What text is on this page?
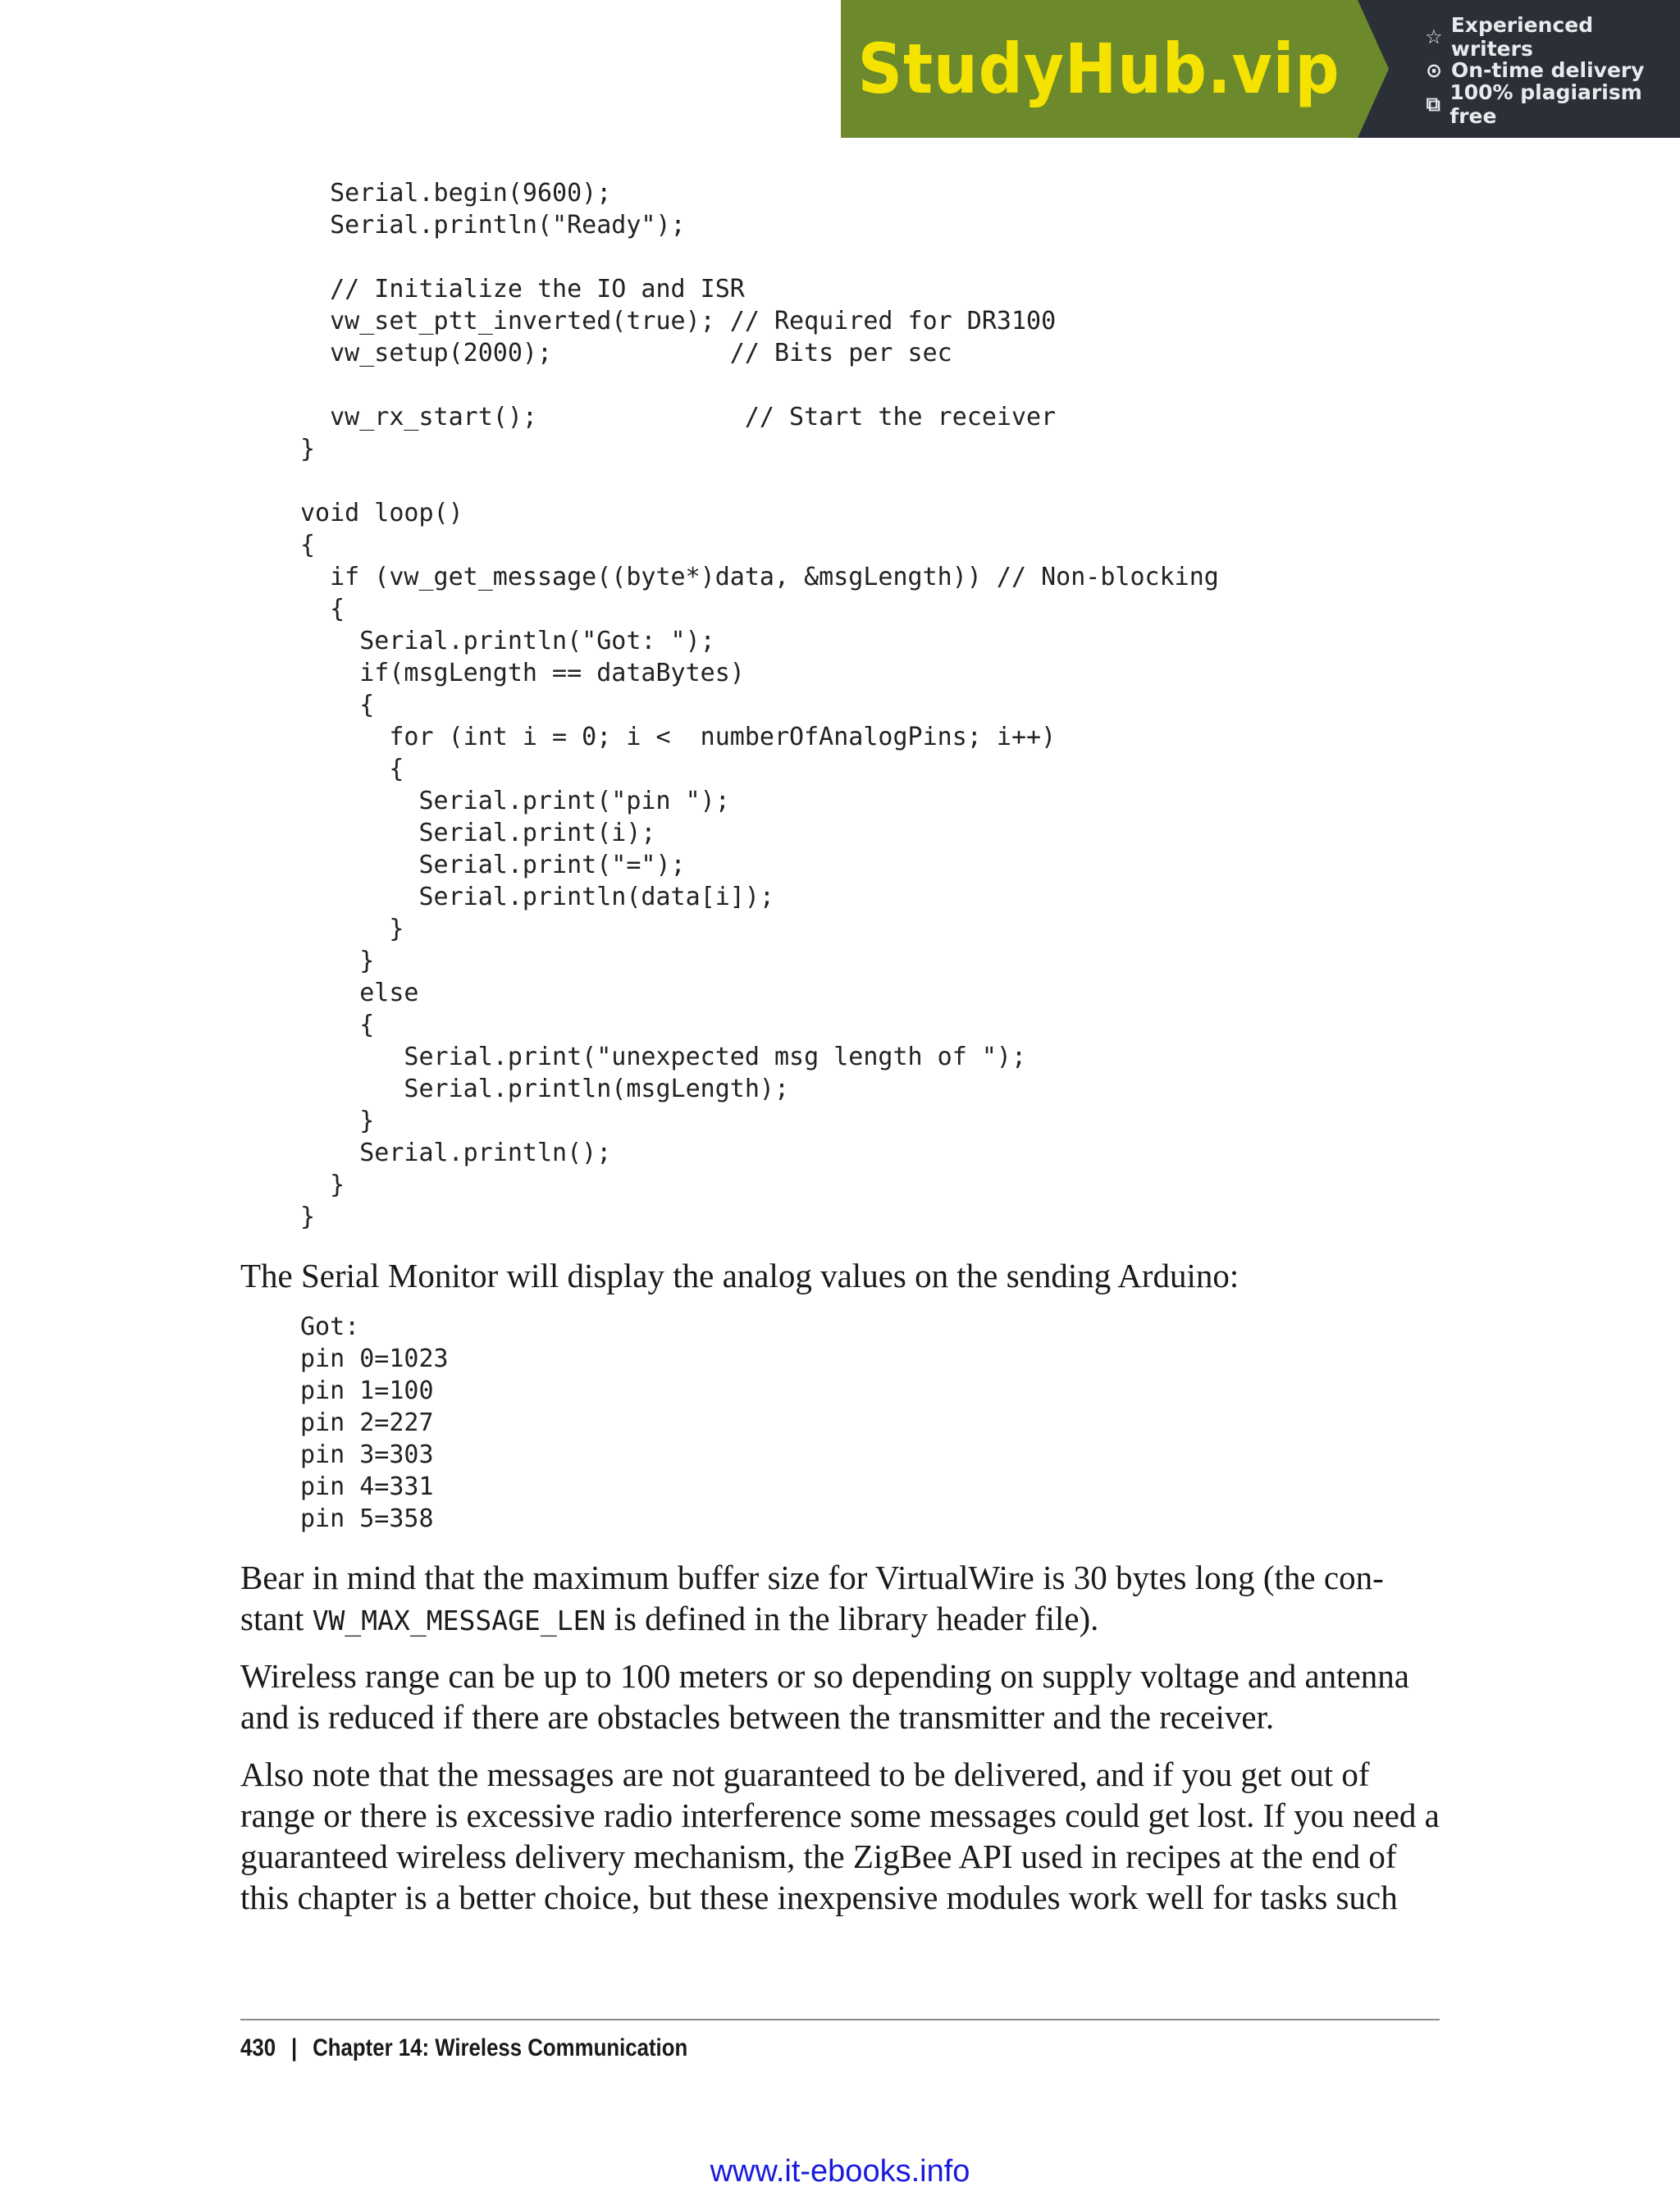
StudyHub.vip	☆ Experienced writers
⊙ On-time delivery
⧉ 100% plagiarism free
Serial.begin(9600);
Serial.println("Ready");

// Initialize the IO and ISR
vw_set_ptt_inverted(true); // Required for DR3100
vw_setup(2000);            // Bits per sec

vw_rx_start();              // Start the receiver
}

void loop()
{
if (vw_get_message((byte*)data, &msgLength)) // Non-blocking
{
Serial.println("Got: ");
if(msgLength == dataBytes)
{
for (int i = 0; i <  numberOfAnalogPins; i++)
{
Serial.print("pin ");
Serial.print(i);
Serial.print("=");
Serial.println(data[i]);
}
}
else
{
Serial.print("unexpected msg length of ");
Serial.println(msgLength);
}
Serial.println();
}
}

The Serial Monitor will display the analog values on the sending Arduino:

Got:
pin 0=1023
pin 1=100
pin 2=227
pin 3=303
pin 4=331
pin 5=358

Bear in mind that the maximum buffer size for VirtualWire is 30 bytes long (the con-
stant VW_MAX_MESSAGE_LEN is defined in the library header file).

Wireless range can be up to 100 meters or so depending on supply voltage and antenna and is reduced if there are obstacles between the transmitter and the receiver.

Also note that the messages are not guaranteed to be delivered, and if you get out of range or there is excessive radio interference some messages could get lost. If you need a guaranteed wireless delivery mechanism, the ZigBee API used in recipes at the end of this chapter is a better choice, but these inexpensive modules work well for tasks such

430 | Chapter 14: Wireless Communication
www.it-ebooks.info
